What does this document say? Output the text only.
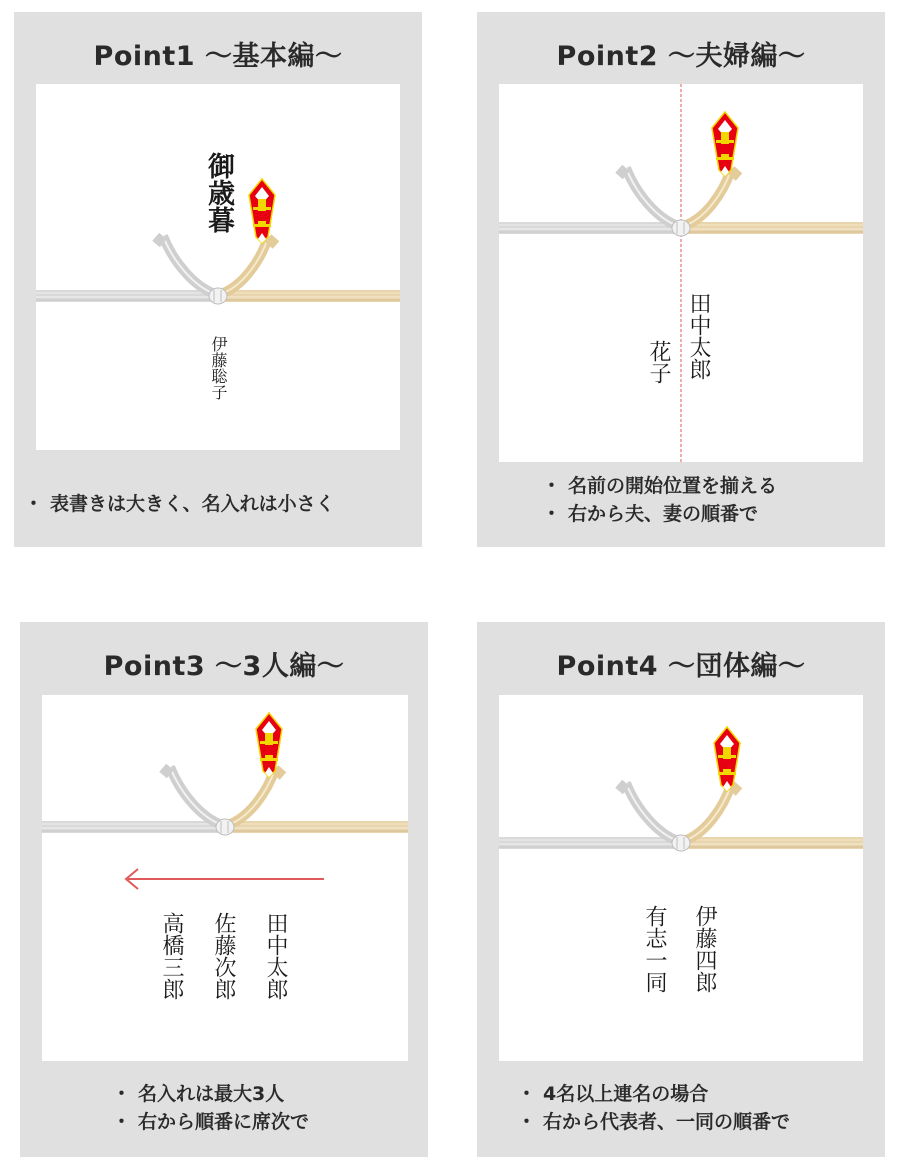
Point1 〜基本編〜
御歳暮
伊藤聡子
・ 表書きは大きく、名入れは小さく
Point2 〜夫婦編〜
田中太郎
花子
・ 名前の開始位置を揃える
・ 右から夫、妻の順番で
Point3 〜3人編〜
田中太郎
佐藤次郎
高橋三郎
・ 名入れは最大3人
・ 右から順番に席次で
Point4 〜団体編〜
伊藤四郎
有志一同
・ 4名以上連名の場合
・ 右から代表者、一同の順番で
